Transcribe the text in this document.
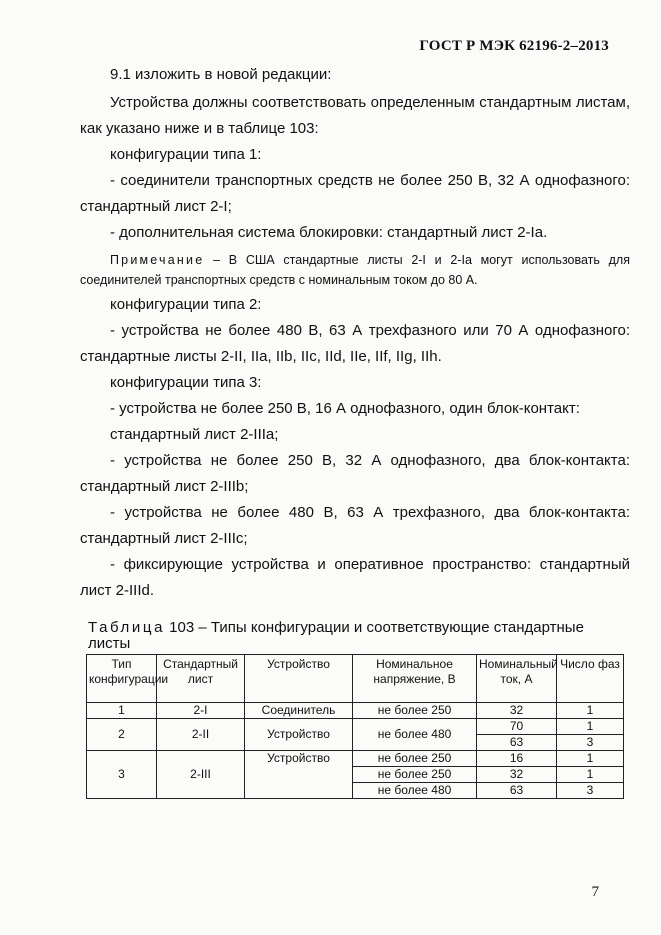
ГОСТ Р МЭК 62196-2–2013

9.1 изложить в новой редакции:

Устройства должны соответствовать определенным стандартным листам, как указано ниже и в таблице 103:

конфигурации типа 1:

- соединители транспортных средств не более 250 В, 32 А однофазного: стандартный лист 2-I;

- дополнительная система блокировки: стандартный лист 2-Ia.

Примечание – В США стандартные листы 2-I и 2-Ia могут использовать для соединителей транспортных средств с номинальным током до 80 А.

конфигурации типа 2:

- устройства не более 480 В, 63 А трехфазного или 70 А однофазного: стандартные листы 2-II, IIa, IIb, IIc, IId, IIe, IIf, IIg, IIh.

конфигурации типа 3:

- устройства не более 250 В, 16 А однофазного, один блок-контакт:

стандартный лист 2-IIIa;

- устройства не более 250 В, 32 А однофазного, два блок-контакта: стандартный лист 2-IIIb;

- устройства не более 480 В, 63 А трехфазного, два блок-контакта: стандартный лист 2-IIIc;

- фиксирующие устройства и оперативное пространство: стандартный лист 2-IIId.

Таблица 103 – Типы конфигурации и соответствующие стандартные листы
Тип конфигурации	Стандартный лист	Устройство	Номинальное напряжение, В	Номинальный ток, А	Число фаз
1	2-I	Соединитель	не более 250	32	1
2	2-II	Устройство	не более 480	70	1
				63	3
3	2-III	Устройство	не более 250	16	1
			не более 250	32	1
			не более 480	63	3
7
